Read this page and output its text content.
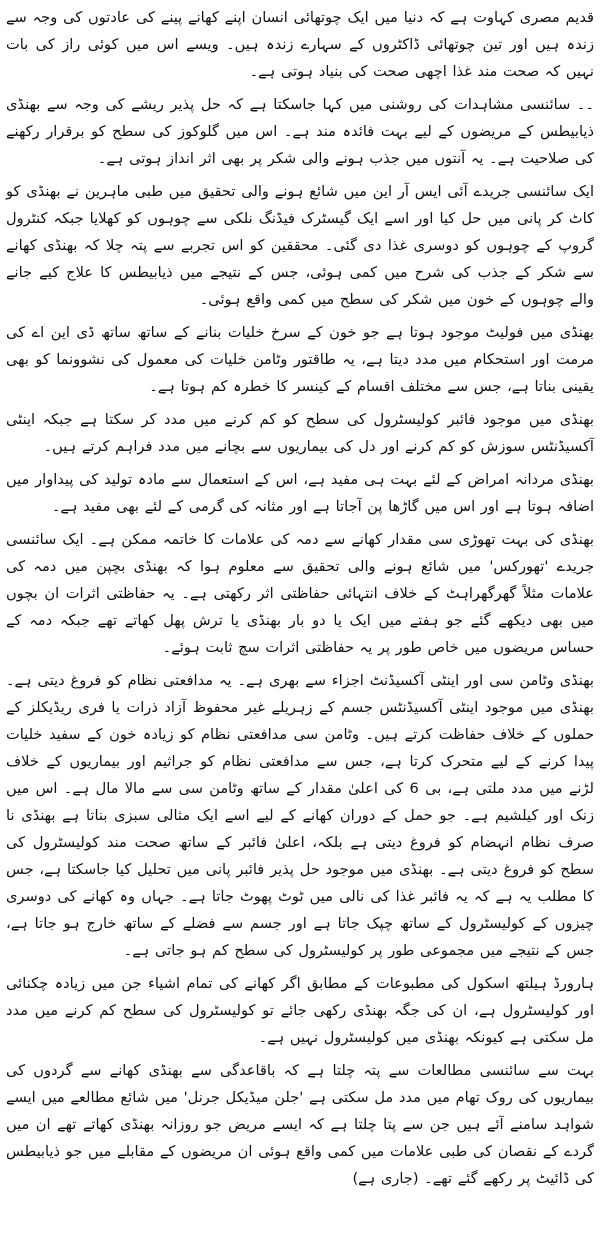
قدیم مصری کہاوت ہے کہ دنیا میں ایک چوتھائی انسان اپنے کھانے پینے کی عادتوں کی وجہ سے زندہ ہیں اور تین چوتھائی ڈاکٹروں کے سہارے زندہ ہیں۔ ویسے اس میں کوئی راز کی بات نہیں کہ صحت مند غذا اچھی صحت کی بنیاد ہوتی ہے۔

۔۔ سائنسی مشاہدات کی روشنی میں کہا جاسکتا ہے کہ حل پذیر ریشے کی وجہ سے بھنڈی ذیابیطس کے مریضوں کے لیے بہت فائدہ مند ہے۔ اس میں گلوکوز کی سطح کو برقرار رکھنے کی صلاحیت ہے۔ یہ آنتوں میں جذب ہونے والی شکر پر بھی اثر انداز ہوتی ہے۔

ایک سائنسی جریدے آئی ایس آر این میں شائع ہونے والی تحقیق میں طبی ماہرین نے بھنڈی کو کاٹ کر پانی میں حل کیا اور اسے ایک گیسٹرک فیڈنگ نلکی سے چوہوں کو کھلایا جبکہ کنٹرول گروپ کے چوہوں کو دوسری غذا دی گئی۔ محققین کو اس تجربے سے پتہ چلا کہ بھنڈی کھانے سے شکر کے جذب کی شرح میں کمی ہوئی، جس کے نتیجے میں ذیابیطس کا علاج کیے جانے والے چوہوں کے خون میں شکر کی سطح میں کمی واقع ہوئی۔

بھنڈی میں فولیٹ موجود ہوتا ہے جو خون کے سرخ خلیات بنانے کے ساتھ ساتھ ڈی این اے کی مرمت اور استحکام میں مدد دیتا ہے، یہ طاقتور وٹامن خلیات کی معمول کی نشوونما کو بھی یقینی بناتا ہے، جس سے مختلف اقسام کے کینسر کا خطرہ کم ہوتا ہے۔

بھنڈی میں موجود فائبر کولیسٹرول کی سطح کو کم کرنے میں مدد کر سکتا ہے جبکہ اینٹی آکسیڈنٹس سوزش کو کم کرنے اور دل کی بیماریوں سے بچانے میں مدد فراہم کرتے ہیں۔

بھنڈی مردانہ امراض کے لئے بہت ہی مفید ہے، اس کے استعمال سے مادہ تولید کی پیداوار میں اضافہ ہوتا ہے اور اس میں گاڑھا پن آجاتا ہے اور مثانہ کی گرمی کے لئے بھی مفید ہے۔

بھنڈی کی بہت تھوڑی سی مقدار کھانے سے دمہ کی علامات کا خاتمہ ممکن ہے۔ ایک سائنسی جریدے 'تھورکس' میں شائع ہونے والی تحقیق سے معلوم ہوا کہ بھنڈی بچپن میں دمہ کی علامات مثلاً گھرگھراہٹ کے خلاف انتہائی حفاظتی اثر رکھتی ہے۔ یہ حفاظتی اثرات ان بچوں میں بھی دیکھے گئے جو ہفتے میں ایک یا دو بار بھنڈی یا ترش پھل کھاتے تھے جبکہ دمہ کے حساس مریضوں میں خاص طور پر یہ حفاظتی اثرات سچ ثابت ہوئے۔

بھنڈی وٹامن سی اور اینٹی آکسیڈنٹ اجزاء سے بھری ہے۔ یہ مدافعتی نظام کو فروغ دیتی ہے۔ بھنڈی میں موجود اینٹی آکسیڈنٹس جسم کے زہریلے غیر محفوظ آزاد ذرات یا فری ریڈیکلز کے حملوں کے خلاف حفاظت کرتے ہیں۔ وٹامن سی مدافعتی نظام کو زیادہ خون کے سفید خلیات پیدا کرنے کے لیے متحرک کرتا ہے، جس سے مدافعتی نظام کو جراثیم اور بیماریوں کے خلاف لڑنے میں مدد ملتی ہے، بی 6 کی اعلیٰ مقدار کے ساتھ وٹامن سی سے مالا مال ہے۔ اس میں زنک اور کیلشیم ہے۔ جو حمل کے دوران کھانے کے لیے اسے ایک مثالی سبزی بناتا ہے بھنڈی نا صرف نظام انہضام کو فروغ دیتی ہے بلکہ، اعلیٰ فائبر کے ساتھ صحت مند کولیسٹرول کی سطح کو فروغ دیتی ہے۔ بھنڈی میں موجود حل پذیر فائبر پانی میں تحلیل کیا جاسکتا ہے، جس کا مطلب یہ ہے کہ یہ فائبر غذا کی نالی میں ٹوٹ پھوٹ جاتا ہے۔ جہاں وہ کھانے کی دوسری چیزوں کے کولیسٹرول کے ساتھ چپک جاتا ہے اور جسم سے فضلے کے ساتھ خارج ہو جاتا ہے، جس کے نتیجے میں مجموعی طور پر کولیسٹرول کی سطح کم ہو جاتی ہے۔

ہارورڈ ہیلتھ اسکول کی مطبوعات کے مطابق اگر کھانے کی تمام اشیاء جن میں زیادہ چکنائی اور کولیسٹرول ہے، ان کی جگہ بھنڈی رکھی جائے تو کولیسٹرول کی سطح کم کرنے میں مدد مل سکتی ہے کیونکہ بھنڈی میں کولیسٹرول نہیں ہے۔

بہت سے سائنسی مطالعات سے پتہ چلتا ہے کہ باقاعدگی سے بھنڈی کھانے سے گردوں کی بیماریوں کی روک تھام میں مدد مل سکتی ہے 'جلن میڈیکل جرنل' میں شائع مطالعے میں ایسے شواہد سامنے آئے ہیں جن سے پتا چلتا ہے کہ ایسے مریض جو روزانہ بھنڈی کھاتے تھے ان میں گردے کے نقصان کی طبی علامات میں کمی واقع ہوئی ان مریضوں کے مقابلے میں جو ذیابیطس کی ڈائیٹ پر رکھے گئے تھے۔ (جاری ہے)
